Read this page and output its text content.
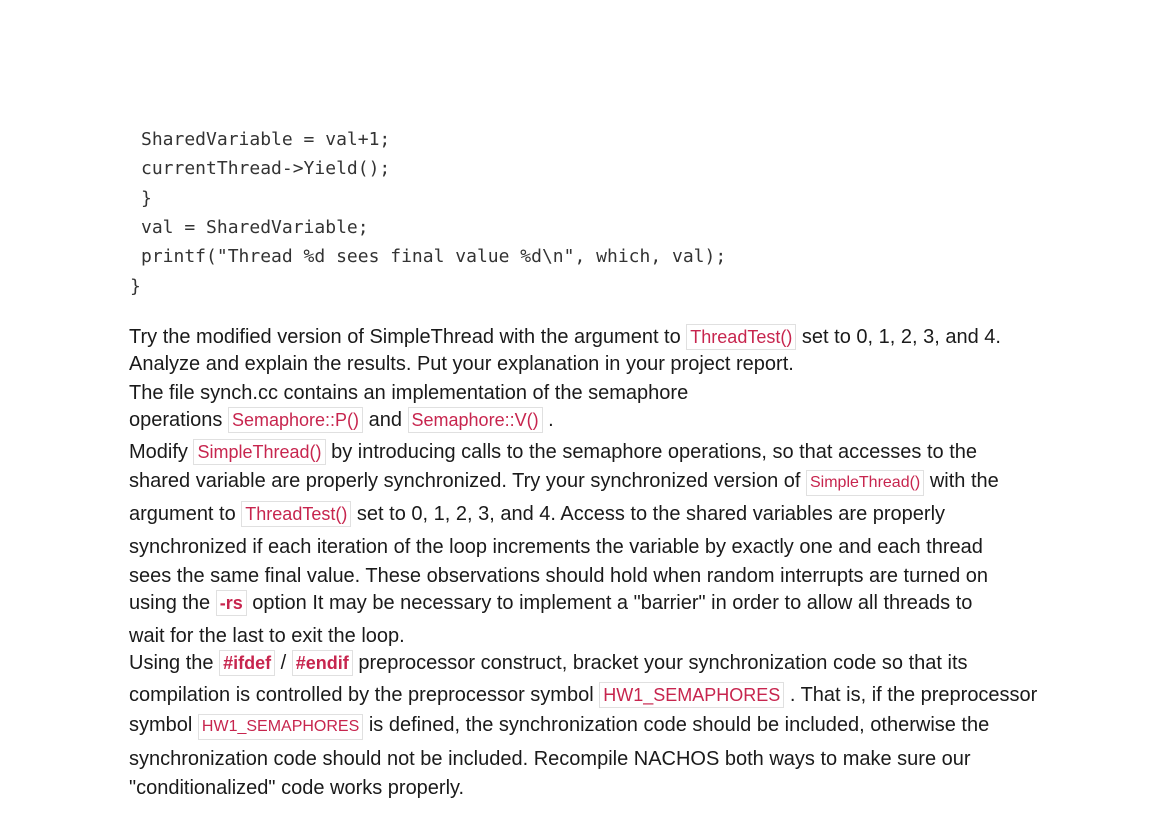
SharedVariable = val+1;
currentThread->Yield();
}
val = SharedVariable;
printf("Thread %d sees final value %d\n", which, val);
}

Try the modified version of SimpleThread with the argument to ThreadTest() set to 0, 1, 2, 3, and 4.

Analyze and explain the results. Put your explanation in your project report.

The file synch.cc contains an implementation of the semaphore

operations Semaphore::P() and Semaphore::V() .

Modify SimpleThread() by introducing calls to the semaphore operations, so that accesses to the

shared variable are properly synchronized. Try your synchronized version of SimpleThread() with the

argument to ThreadTest() set to 0, 1, 2, 3, and 4. Access to the shared variables are properly

synchronized if each iteration of the loop increments the variable by exactly one and each thread

sees the same final value. These observations should hold when random interrupts are turned on

using the -rs option It may be necessary to implement a "barrier" in order to allow all threads to

wait for the last to exit the loop.

Using the #ifdef / #endif preprocessor construct, bracket your synchronization code so that its

compilation is controlled by the preprocessor symbol HW1_SEMAPHORES . That is, if the preprocessor

symbol HW1_SEMAPHORES is defined, the synchronization code should be included, otherwise the

synchronization code should not be included. Recompile NACHOS both ways to make sure our

"conditionalized" code works properly.
